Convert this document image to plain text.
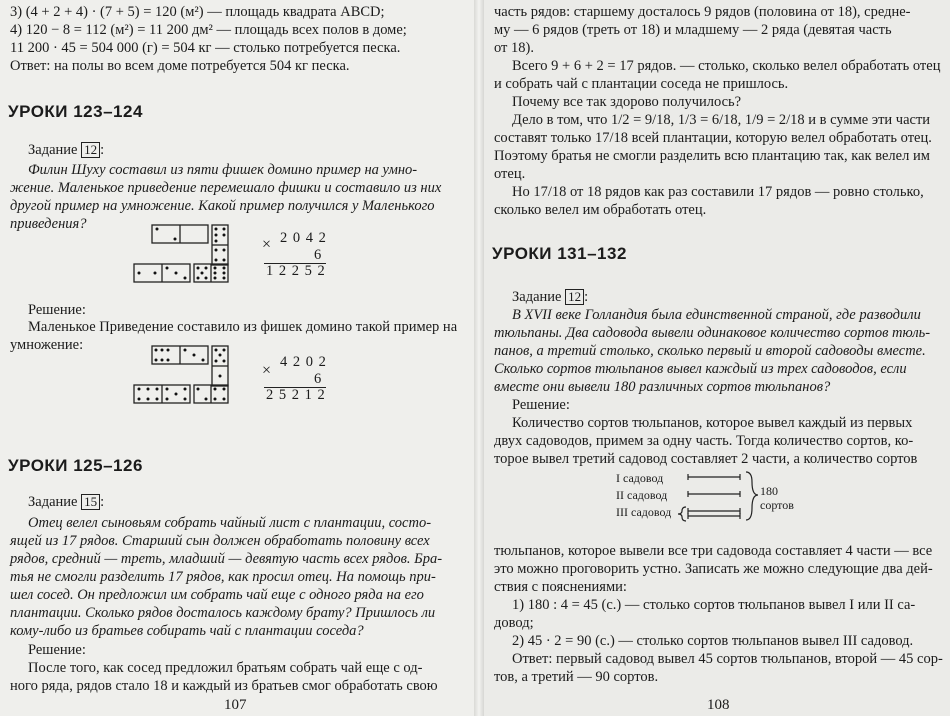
3) (4 + 2 + 4) · (7 + 5) = 120 (м²) — площадь квадрата ABCD;
4) 120 − 8 = 112 (м²) = 11 200 дм² — площадь всех полов в доме;
11 200 · 45 = 504 000 (г) = 504 кг — столько потребуется песка.
Ответ: на полы во всем доме потребуется 504 кг песка.
УРОКИ 123–124
Задание 12 :
Филин Шуху составил из пяти фишек домино пример на умно-
жение. Маленькое приведение перемешало фишки и составило из них
другой пример на умножение. Какой пример получился у Маленького
приведения?
× 2 0 4 2
6
1 2 2 5 2
Решение:
Маленькое Приведение составило из фишек домино такой пример на
умножение:
× 4 2 0 2
6
2 5 2 1 2
УРОКИ 125–126
Задание 15 :
Отец велел сыновьям собрать чайный лист с плантации, состо-
ящей из 17 рядов. Старший сын должен обработать половину всех
рядов, средний — треть, младший — девятую часть всех рядов. Бра-
тья не смогли разделить 17 рядов, как просил отец. На помощь при-
шел сосед. Он предложил им собрать чай еще с одного ряда на его
плантации. Сколько рядов досталось каждому брату? Пришлось ли
кому-либо из братьев собирать чай с плантации соседа?
Решение:
После того, как сосед предложил братьям собрать чай еще с од-
ного ряда, рядов стало 18 и каждый из братьев смог обработать свою
107
часть рядов: старшему досталось 9 рядов (половина от 18), средне-
му — 6 рядов (треть от 18) и младшему — 2 ряда (девятая часть
от 18).
Всего 9 + 6 + 2 = 17 рядов. — столько, сколько велел обработать отец
и собрать чай с плантации соседа не пришлось.
Почему все так здорово получилось?
Дело в том, что 1/2 = 9/18, 1/3 = 6/18, 1/9 = 2/18 и в сумме эти части
составят только 17/18 всей плантации, которую велел обработать отец.
Поэтому братья не смогли разделить всю плантацию так, как велел им
отец.
Но 17/18 от 18 рядов как раз составили 17 рядов — ровно столько,
сколько велел им обработать отец.
УРОКИ 131–132
Задание 12 :
В XVII веке Голландия была единственной страной, где разводили
тюльпаны. Два садовода вывели одинаковое количество сортов тюль-
панов, а третий столько, сколько первый и второй садоводы вместе.
Сколько сортов тюльпанов вывел каждый из трех садоводов, если
вместе они вывели 180 различных сортов тюльпанов?
Решение:
Количество сортов тюльпанов, которое вывел каждый из первых
двух садоводов, примем за одну часть. Тогда количество сортов, ко-
торое вывел третий садовод составляет 2 части, а количество сортов
I садовод
II садовод
III садовод
180
сортов
тюльпанов, которое вывели все три садовода составляет 4 части — все
это можно проговорить устно. Записать же можно следующие два дей-
ствия с пояснениями:
1) 180 : 4 = 45 (с.) — столько сортов тюльпанов вывел I или II са-
довод;
2) 45 · 2 = 90 (с.) — столько сортов тюльпанов вывел III садовод.
Ответ: первый садовод вывел 45 сортов тюльпанов, второй — 45 сор-
тов, а третий — 90 сортов.
108
